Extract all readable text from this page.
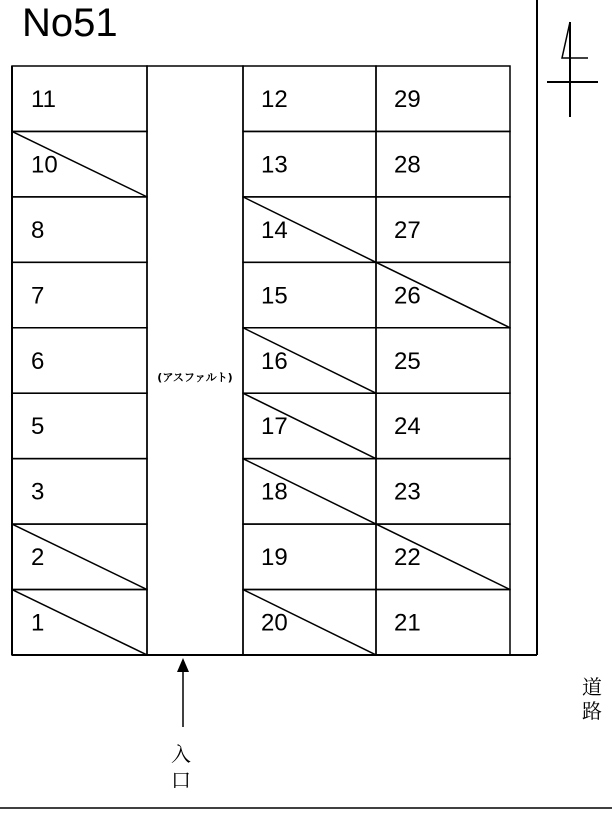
No51
(アスファルト)
11
10
8
7
6
5
3
2
1
12
13
14
15
16
17
18
19
20
29
28
27
26
25
24
23
22
21
入
口
道
路
